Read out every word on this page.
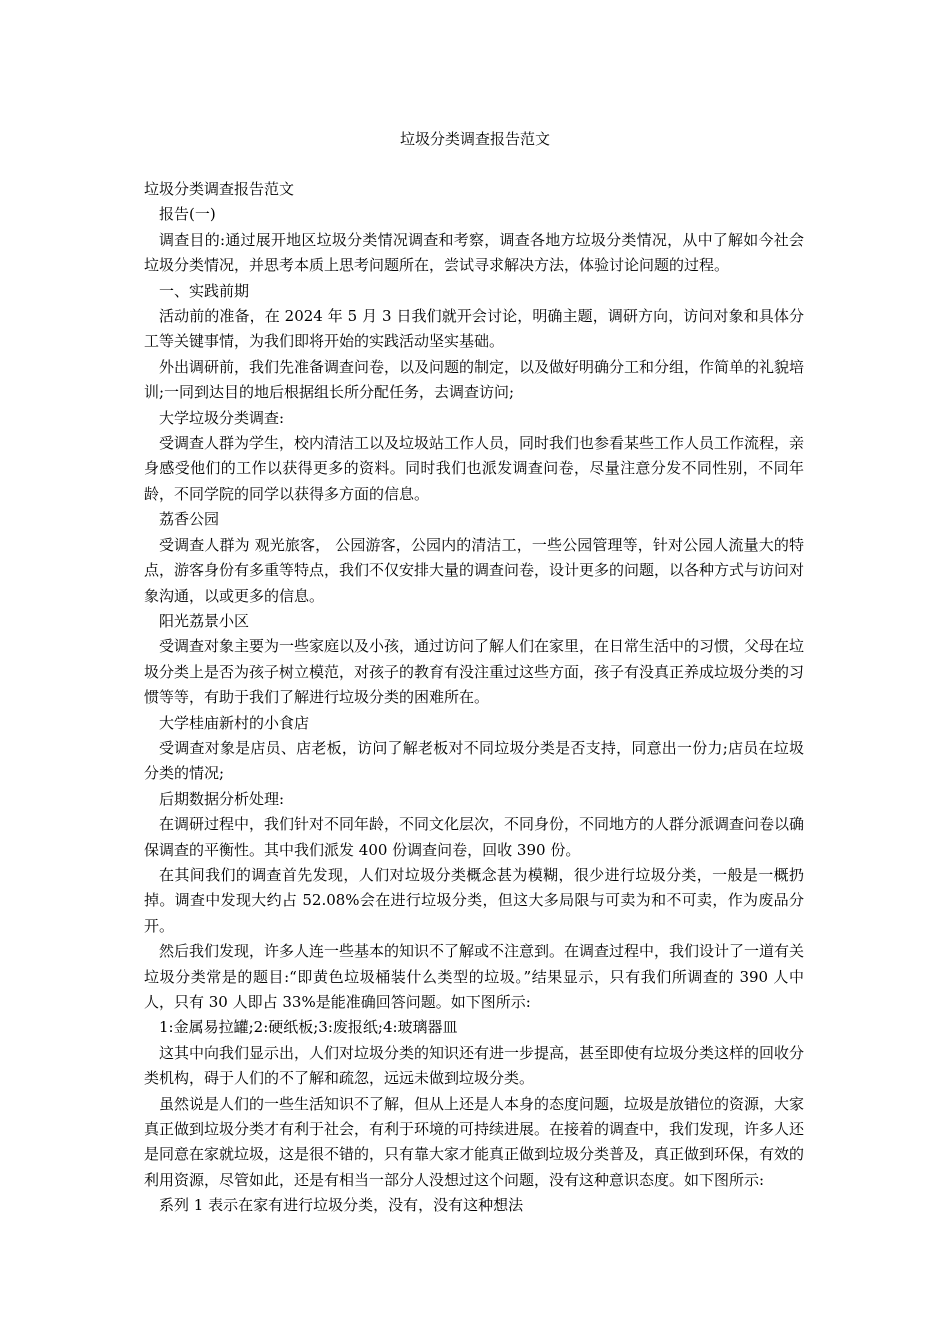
垃圾分类调查报告范文

垃圾分类调查报告范文

报告(一)

调查目的:通过展开地区垃圾分类情况调查和考察，调查各地方垃圾分类情况，从中了解如今社会垃圾分类情况，并思考本质上思考问题所在，尝试寻求解决方法，体验讨论问题的过程。

一、实践前期

活动前的准备，在 2024 年 5 月 3 日我们就开会讨论，明确主题，调研方向，访问对象和具体分工等关键事情，为我们即将开始的实践活动坚实基础。

外出调研前，我们先准备调查问卷，以及问题的制定，以及做好明确分工和分组，作简单的礼貌培训;一同到达目的地后根据组长所分配任务，去调查访问;

大学垃圾分类调查:

受调查人群为学生，校内清洁工以及垃圾站工作人员，同时我们也参看某些工作人员工作流程，亲身感受他们的工作以获得更多的资料。同时我们也派发调查问卷，尽量注意分发不同性别，不同年龄，不同学院的同学以获得多方面的信息。

荔香公园

受调查人群为 观光旅客， 公园游客，公园内的清洁工，一些公园管理等，针对公园人流量大的特点，游客身份有多重等特点，我们不仅安排大量的调查问卷，设计更多的问题，以各种方式与访问对象沟通，以或更多的信息。

阳光荔景小区

受调查对象主要为一些家庭以及小孩，通过访问了解人们在家里，在日常生活中的习惯，父母在垃圾分类上是否为孩子树立模范，对孩子的教育有没注重过这些方面，孩子有没真正养成垃圾分类的习惯等等，有助于我们了解进行垃圾分类的困难所在。

大学桂庙新村的小食店

受调查对象是店员、店老板，访问了解老板对不同垃圾分类是否支持，同意出一份力;店员在垃圾分类的情况;

后期数据分析处理:

在调研过程中，我们针对不同年龄，不同文化层次，不同身份，不同地方的人群分派调查问卷以确保调查的平衡性。其中我们派发 400 份调查问卷，回收 390 份。

在其间我们的调查首先发现，人们对垃圾分类概念甚为模糊，很少进行垃圾分类，一般是一概扔掉。调查中发现大约占 52.08%会在进行垃圾分类，但这大多局限与可卖为和不可卖，作为废品分开。

然后我们发现，许多人连一些基本的知识不了解或不注意到。在调查过程中，我们设计了一道有关垃圾分类常是的题目:“即黄色垃圾桶装什么类型的垃圾。”结果显示，只有我们所调查的 390 人中人，只有 30 人即占 33%是能准确回答问题。如下图所示:

1:金属易拉罐;2:硬纸板;3:废报纸;4:玻璃器皿

这其中向我们显示出，人们对垃圾分类的知识还有进一步提高，甚至即使有垃圾分类这样的回收分类机构，碍于人们的不了解和疏忽，远远未做到垃圾分类。

虽然说是人们的一些生活知识不了解，但从上还是人本身的态度问题，垃圾是放错位的资源，大家真正做到垃圾分类才有利于社会，有利于环境的可持续进展。在接着的调查中，我们发现，许多人还是同意在家就垃圾，这是很不错的，只有靠大家才能真正做到垃圾分类普及，真正做到环保，有效的利用资源，尽管如此，还是有相当一部分人没想过这个问题，没有这种意识态度。如下图所示:

系列 1 表示在家有进行垃圾分类，没有，没有这种想法
